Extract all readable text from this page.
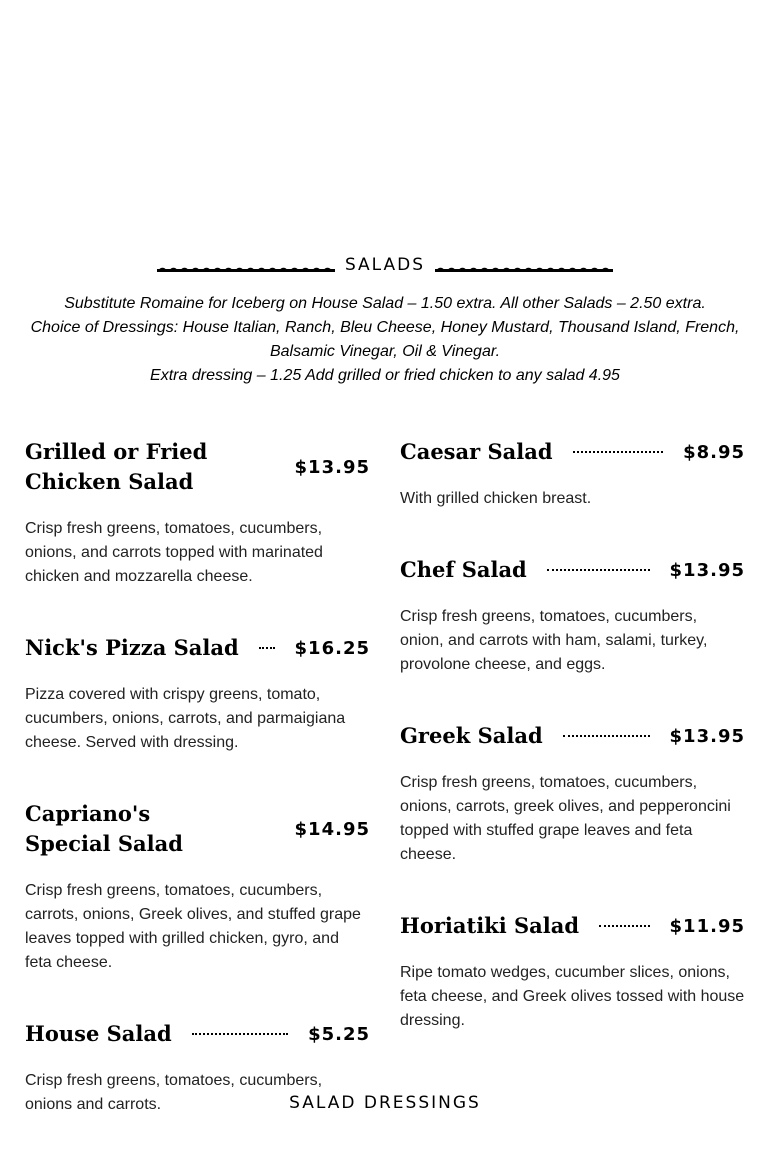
SALADS

Substitute Romaine for Iceberg on House Salad – 1.50 extra. All other Salads – 2.50 extra.

Choice of Dressings: House Italian, Ranch, Bleu Cheese, Honey Mustard, Thousand Island, French, Balsamic Vinegar, Oil & Vinegar.

Extra dressing – 1.25 Add grilled or fried chicken to any salad 4.95

Grilled or Fried Chicken Salad
$13.95

Crisp fresh greens, tomatoes, cucumbers, onions, and carrots topped with marinated chicken and mozzarella cheese.

Nick's Pizza Salad	$16.25

Pizza covered with crispy greens, tomato, cucumbers, onions, carrots, and parmaigiana cheese. Served with dressing.

Capriano's Special Salad
$14.95

Crisp fresh greens, tomatoes, cucumbers, carrots, onions, Greek olives, and stuffed grape leaves topped with grilled chicken, gyro, and feta cheese.

House Salad	$5.25

Crisp fresh greens, tomatoes, cucumbers, onions and carrots.

Caesar Salad	$8.95

With grilled chicken breast.

Chef Salad	$13.95

Crisp fresh greens, tomatoes, cucumbers, onion, and carrots with ham, salami, turkey, provolone cheese, and eggs.

Greek Salad	$13.95

Crisp fresh greens, tomatoes, cucumbers, onions, carrots, greek olives, and pepperoncini topped with stuffed grape leaves and feta cheese.

Horiatiki Salad	$11.95

Ripe tomato wedges, cucumber slices, onions, feta cheese, and Greek olives tossed with house dressing.

SALAD DRESSINGS
